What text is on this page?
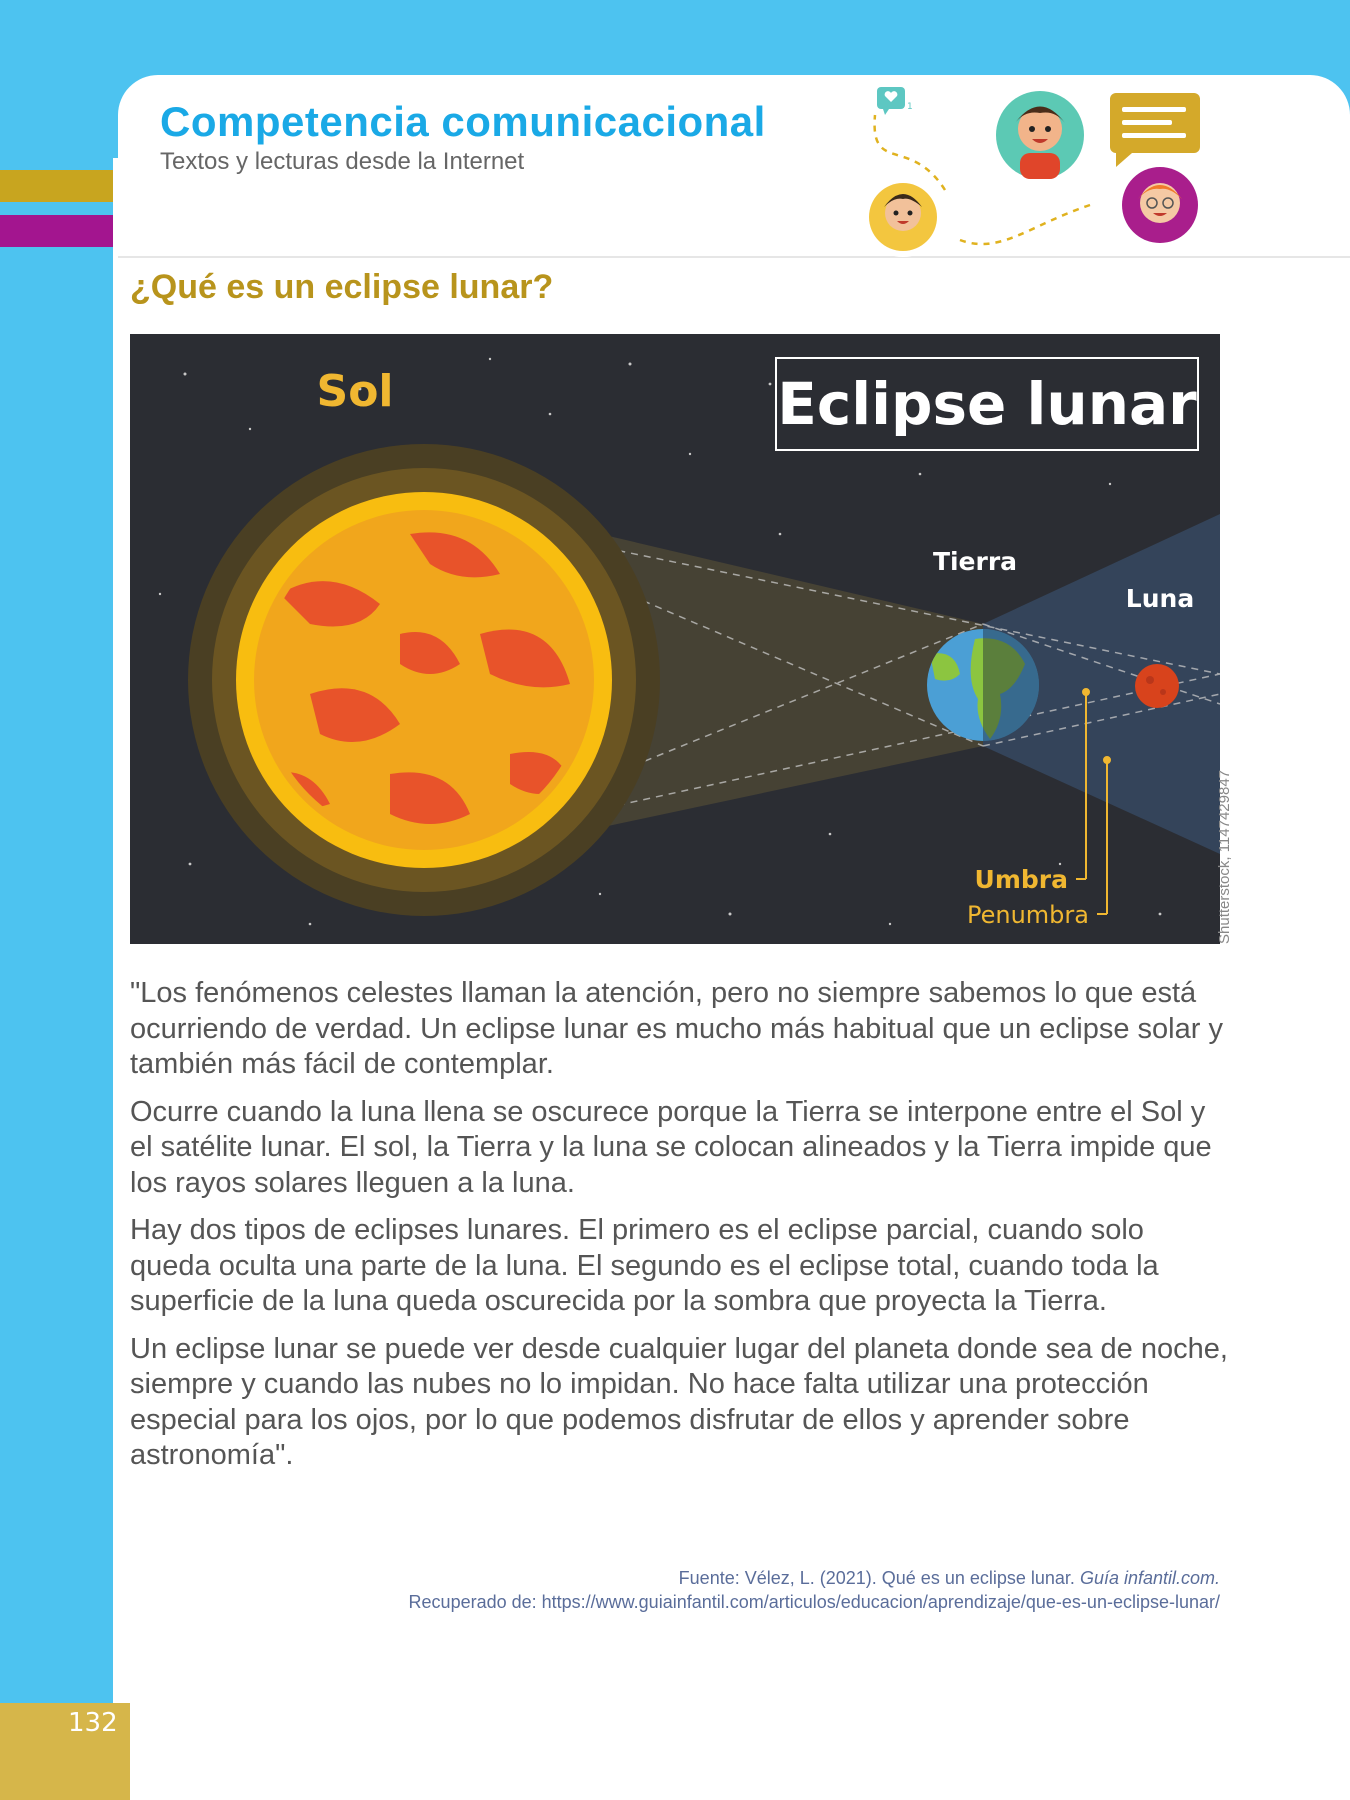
Competencia comunicacional
Textos y lecturas desde la Internet
1
¿Qué es un eclipse lunar?
Sol	Eclipse lunar
Tierra
Luna
Umbra
Penumbra	Shutterstock, 1147429847

"Los fenómenos celestes llaman la atención, pero no siempre sabemos lo que está ocurriendo de verdad. Un eclipse lunar es mucho más habitual que un eclipse solar y también más fácil de contemplar.

Ocurre cuando la luna llena se oscurece porque la Tierra se interpone entre el Sol y el satélite lunar. El sol, la Tierra y la luna se colocan alineados y la Tierra impide que los rayos solares lleguen a la luna.

Hay dos tipos de eclipses lunares. El primero es el eclipse parcial, cuando solo queda oculta una parte de la luna. El segundo es el eclipse total, cuando toda la superficie de la luna queda oscurecida por la sombra que proyecta la Tierra.

Un eclipse lunar se puede ver desde cualquier lugar del planeta donde sea de noche, siempre y cuando las nubes no lo impidan. No hace falta utilizar una protección especial para los ojos, por lo que podemos disfrutar de ellos y aprender sobre astronomía".

Fuente: Vélez, L. (2021). Qué es un eclipse lunar. Guía infantil.com.
Recuperado de: https://www.guiainfantil.com/articulos/educacion/aprendizaje/que-es-un-eclipse-lunar/
132
